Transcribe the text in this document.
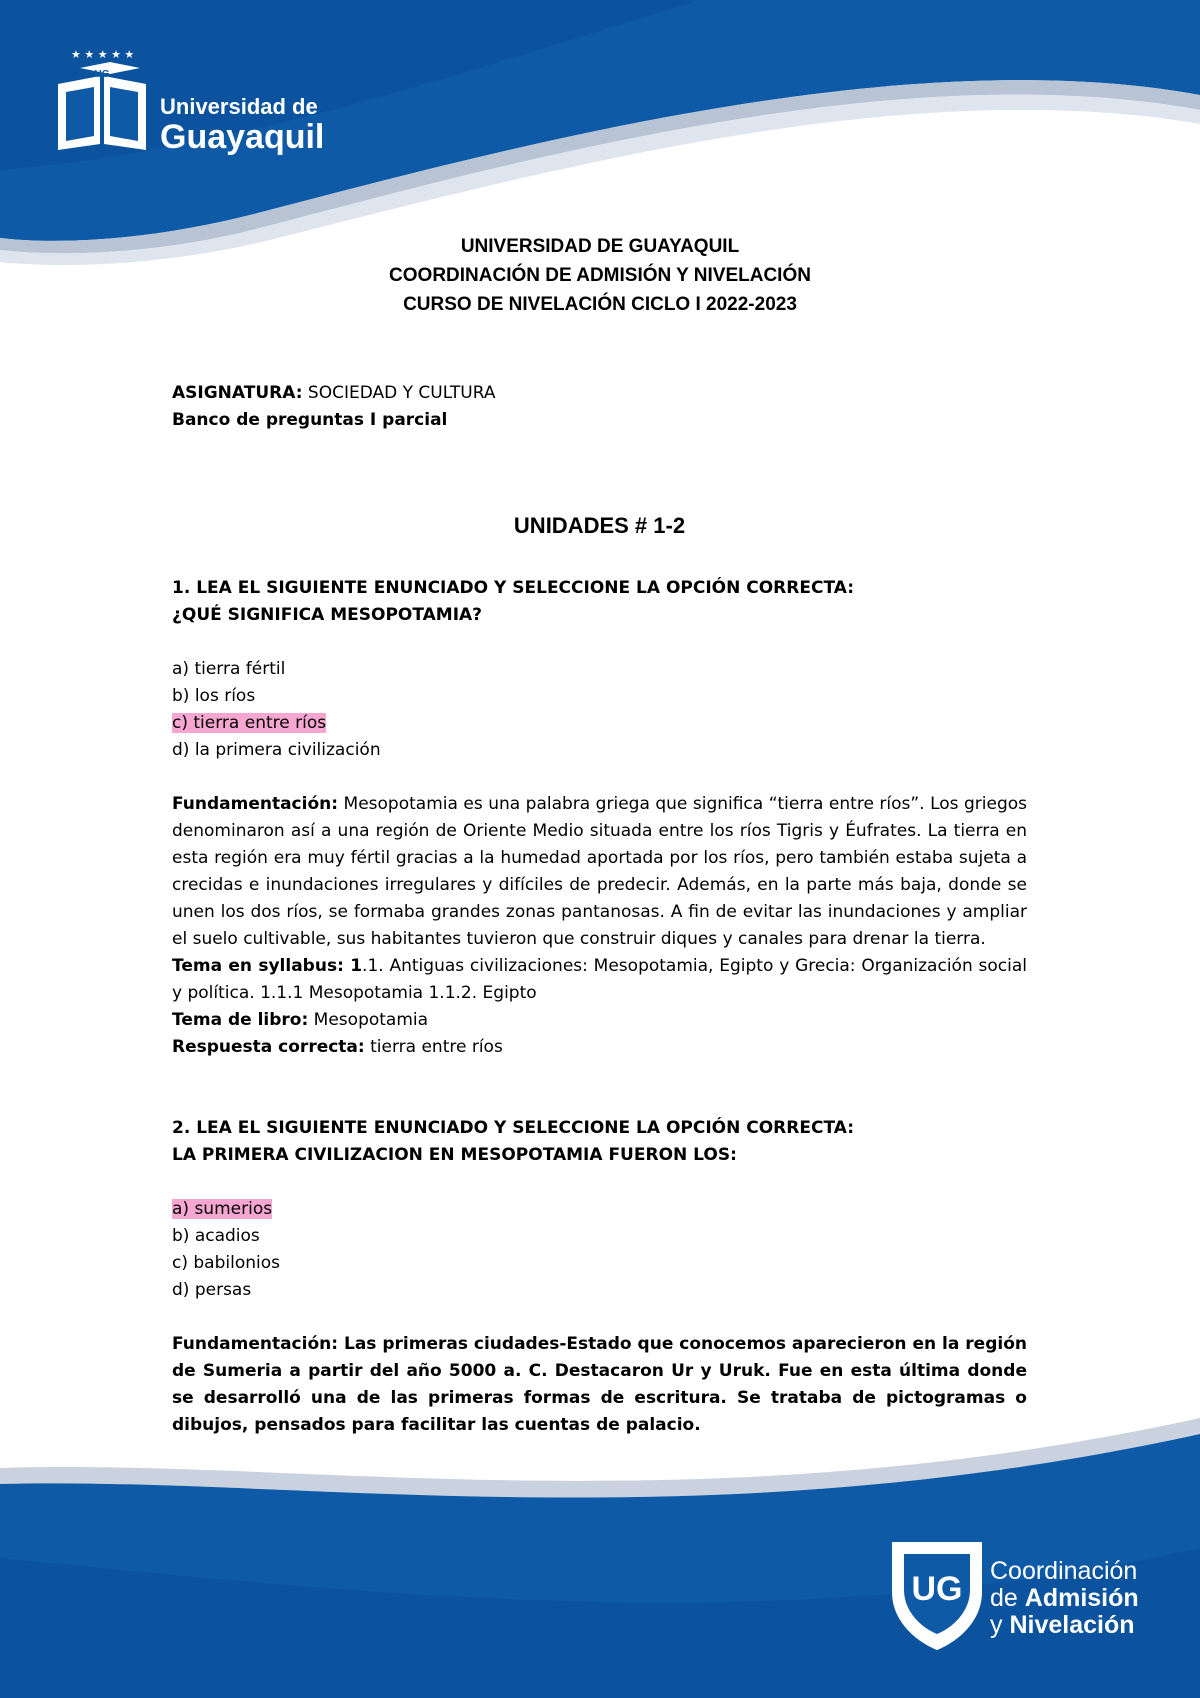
★ ★ ★ ★ ★
UG
Universidad de
Guayaquil
UNIVERSIDAD DE GUAYAQUIL
COORDINACIÓN DE ADMISIÓN Y NIVELACIÓN
CURSO DE NIVELACIÓN CICLO I 2022-2023

ASIGNATURA: SOCIEDAD Y CULTURA

Banco de preguntas I parcial

UNIDADES # 1-2

1. LEA EL SIGUIENTE ENUNCIADO Y SELECCIONE LA OPCIÓN CORRECTA:

¿QUÉ SIGNIFICA MESOPOTAMIA?

a) tierra fértil

b) los ríos

c) tierra entre ríos

d) la primera civilización

Fundamentación: Mesopotamia es una palabra griega que significa “tierra entre ríos”. Los griegos denominaron así a una región de Oriente Medio situada entre los ríos Tigris y Éufrates. La tierra en esta región era muy fértil gracias a la humedad aportada por los ríos, pero también estaba sujeta a crecidas e inundaciones irregulares y difíciles de predecir. Además, en la parte más baja, donde se unen los dos ríos, se formaba grandes zonas pantanosas. A fin de evitar las inundaciones y ampliar el suelo cultivable, sus habitantes tuvieron que construir diques y canales para drenar la tierra.

Tema en syllabus: 1.1. Antiguas civilizaciones: Mesopotamia, Egipto y Grecia: Organización social y política. 1.1.1 Mesopotamia 1.1.2. Egipto

Tema de libro: Mesopotamia

Respuesta correcta: tierra entre ríos

2. LEA EL SIGUIENTE ENUNCIADO Y SELECCIONE LA OPCIÓN CORRECTA:

LA PRIMERA CIVILIZACION EN MESOPOTAMIA FUERON LOS:

a) sumerios

b) acadios

c) babilonios

d) persas

Fundamentación: Las primeras ciudades-Estado que conocemos aparecieron en la región de Sumeria a partir del año 5000 a. C. Destacaron Ur y Uruk. Fue en esta última donde se desarrolló una de las primeras formas de escritura. Se trataba de pictogramas o dibujos, pensados para facilitar las cuentas de palacio.

UG Coordinación
de Admisión
y Nivelación
